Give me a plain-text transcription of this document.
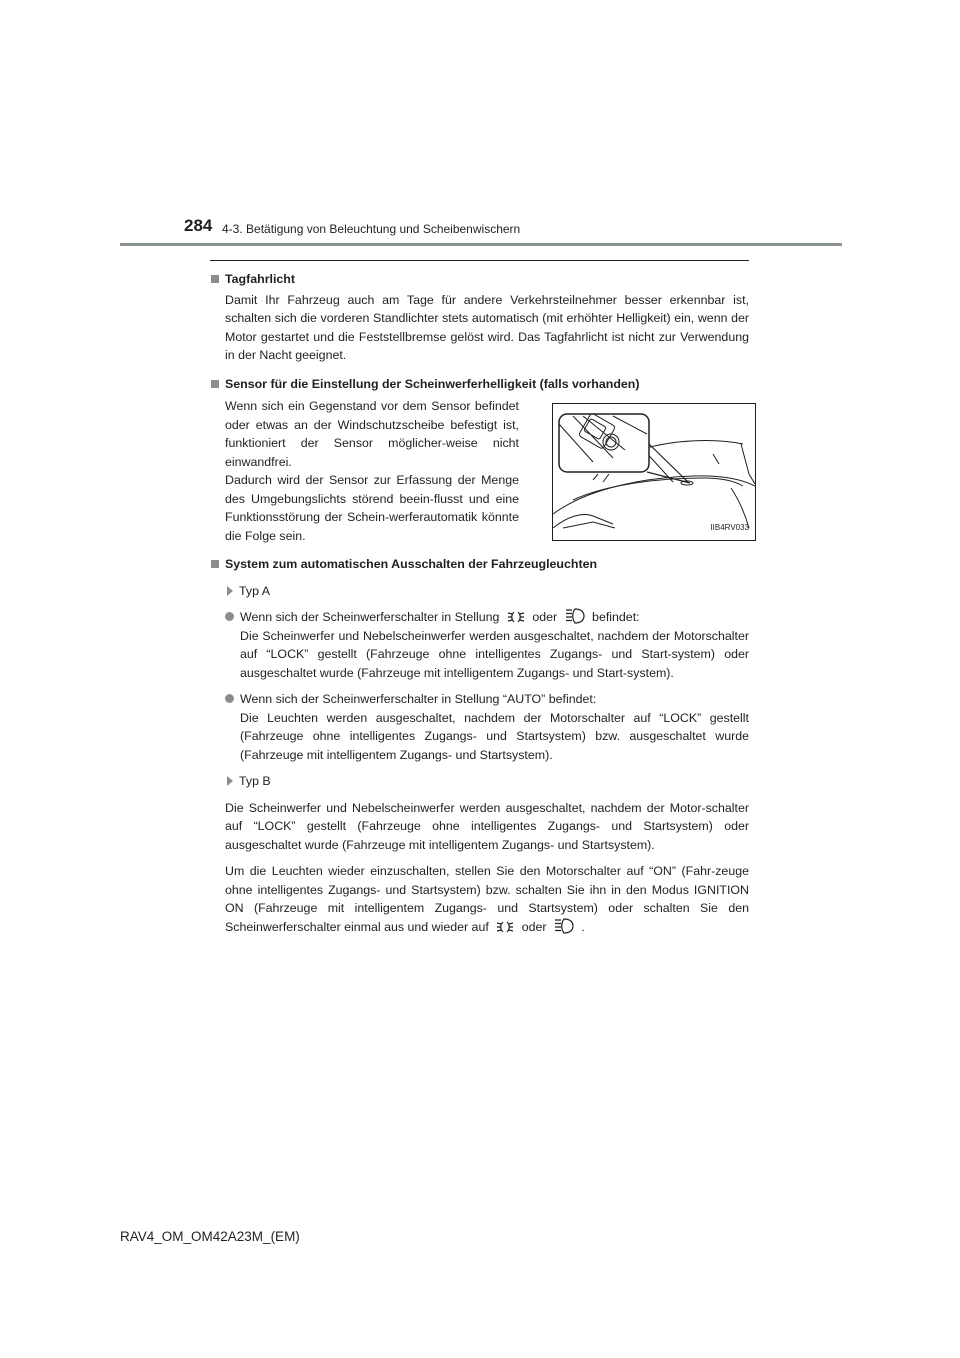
284 4-3. Betätigung von Beleuchtung und Scheibenwischern
Tagfahrlicht
Damit Ihr Fahrzeug auch am Tage für andere Verkehrsteilnehmer besser erkennbar ist, schalten sich die vorderen Standlichter stets automatisch (mit erhöhter Helligkeit) ein, wenn der Motor gestartet und die Feststellbremse gelöst wird. Das Tagfahrlicht ist nicht zur Verwendung in der Nacht geeignet.
Sensor für die Einstellung der Scheinwerferhelligkeit (falls vorhanden)
Wenn sich ein Gegenstand vor dem Sensor befindet oder etwas an der Windschutzscheibe befestigt ist, funktioniert der Sensor möglicher-weise nicht einwandfrei.
Dadurch wird der Sensor zur Erfassung der Menge des Umgebungslichts störend beein-flusst und eine Funktionsstörung der Schein-werferautomatik könnte die Folge sein.
IIB4RV033
System zum automatischen Ausschalten der Fahrzeugleuchten
Typ A
Wenn sich der Scheinwerferschalter in Stellung	oder	befindet:
Die Scheinwerfer und Nebelscheinwerfer werden ausgeschaltet, nachdem der Motorschalter auf “LOCK” gestellt (Fahrzeuge ohne intelligentes Zugangs- und Start-system) oder ausgeschaltet wurde (Fahrzeuge mit intelligentem Zugangs- und Start-system).
Wenn sich der Scheinwerferschalter in Stellung “AUTO” befindet:
Die Leuchten werden ausgeschaltet, nachdem der Motorschalter auf “LOCK” gestellt (Fahrzeuge ohne intelligentes Zugangs- und Startsystem) bzw. ausgeschaltet wurde (Fahrzeuge mit intelligentem Zugangs- und Startsystem).
Typ B
Die Scheinwerfer und Nebelscheinwerfer werden ausgeschaltet, nachdem der Motor-schalter auf “LOCK” gestellt (Fahrzeuge ohne intelligentes Zugangs- und Startsystem) oder ausgeschaltet wurde (Fahrzeuge mit intelligentem Zugangs- und Startsystem).
Um die Leuchten wieder einzuschalten, stellen Sie den Motorschalter auf “ON” (Fahr-zeuge ohne intelligentes Zugangs- und Startsystem) bzw. schalten Sie ihn in den Modus IGNITION ON (Fahrzeuge mit intelligentem Zugangs- und Startsystem) oder schalten Sie den Scheinwerferschalter einmal aus und wieder auf	oder	.
RAV4_OM_OM42A23M_(EM)
